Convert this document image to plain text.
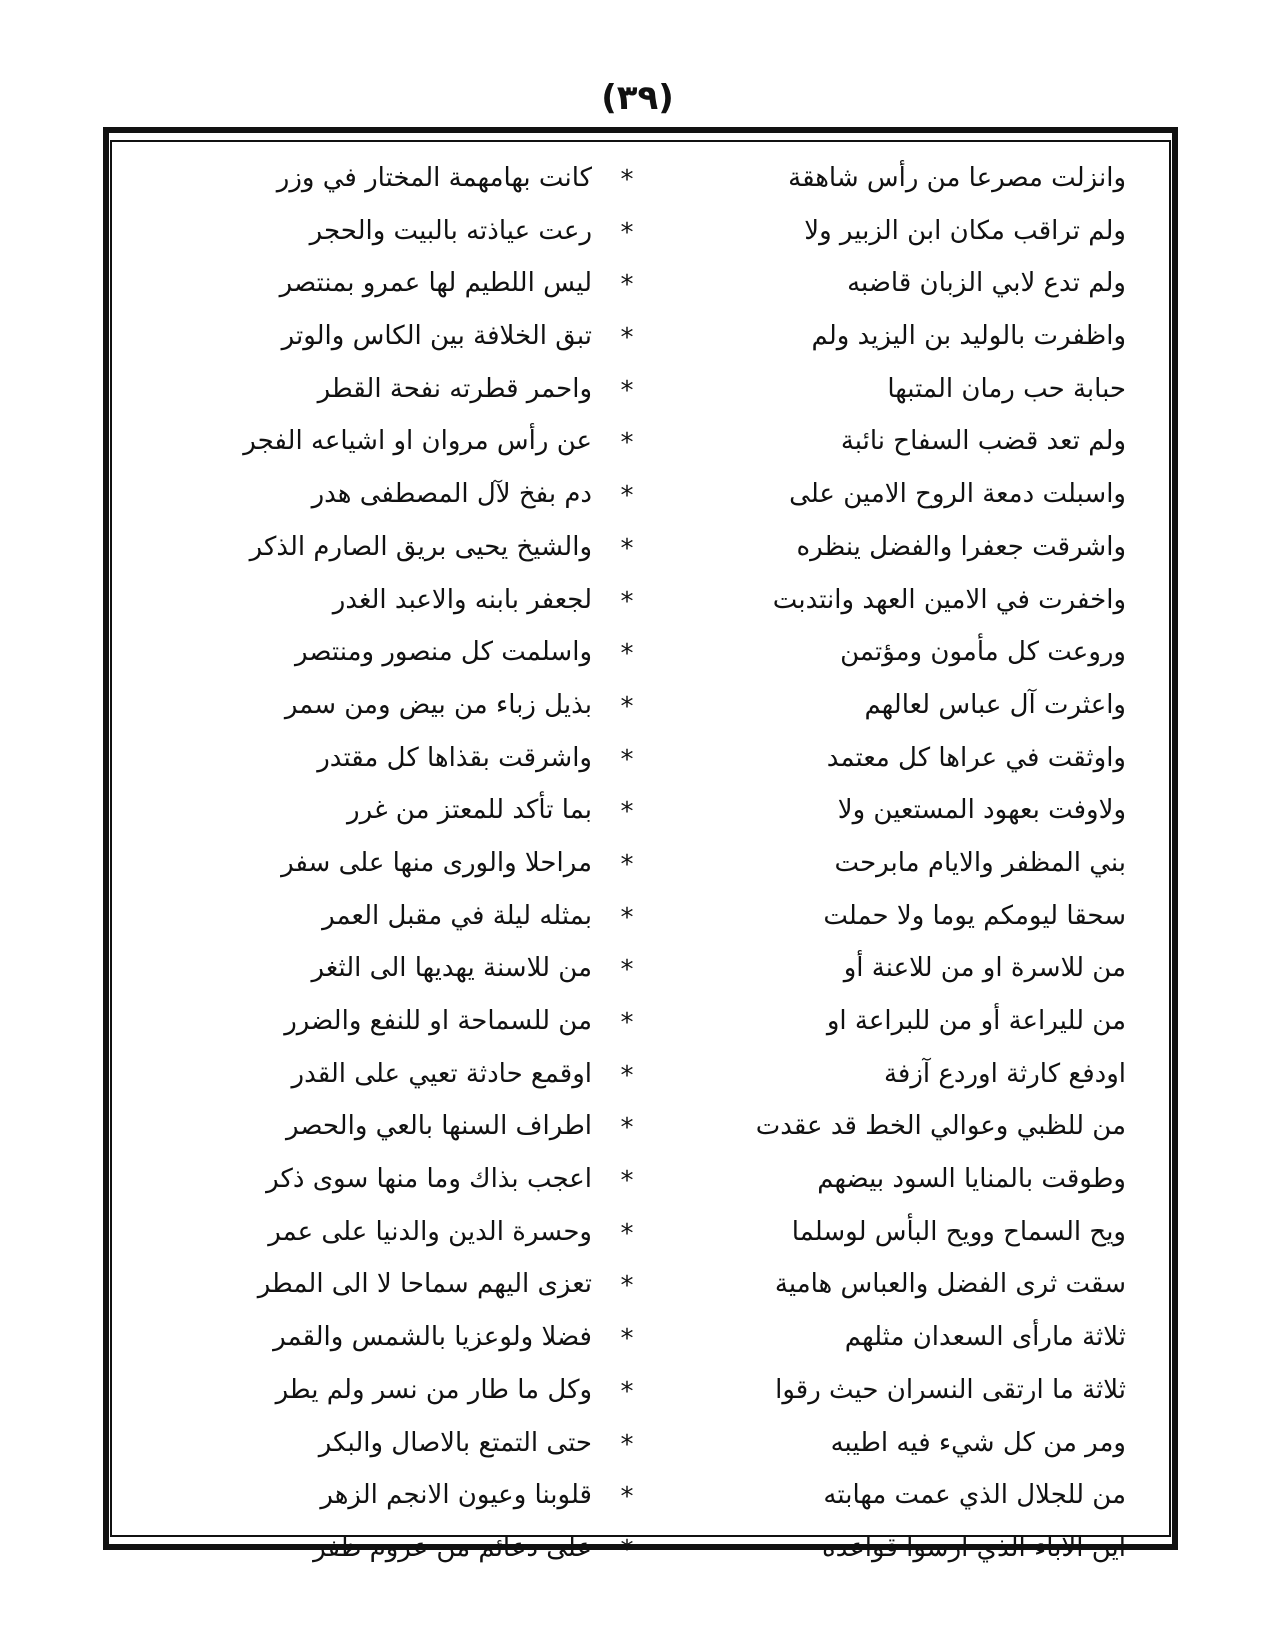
(٣٩)
وانزلت مصرعا من رأس شاهقة
*
كانت بهامهمة المختار في وزر
ولم تراقب مكان ابن الزبير ولا
*
رعت عياذته بالبيت والحجر
ولم تدع لابي الزبان قاضبه
*
ليس اللطيم لها عمرو بمنتصر
واظفرت بالوليد بن اليزيد ولم
*
تبق الخلافة بين الكاس والوتر
حبابة حب رمان المتبها
*
واحمر قطرته نفحة القطر
ولم تعد قضب السفاح نائبة
*
عن رأس مروان او اشياعه الفجر
واسبلت دمعة الروح الامين على
*
دم بفخ لآل المصطفى هدر
واشرقت جعفرا والفضل ينظره
*
والشيخ يحيى بريق الصارم الذكر
واخفرت في الامين العهد وانتدبت
*
لجعفر بابنه والاعبد الغدر
وروعت كل مأمون ومؤتمن
*
واسلمت كل منصور ومنتصر
واعثرت آل عباس لعالهم
*
بذيل زباء من بيض ومن سمر
واوثقت في عراها كل معتمد
*
واشرقت بقذاها كل مقتدر
ولاوفت بعهود المستعين ولا
*
بما تأكد للمعتز من غرر
بني المظفر والايام مابرحت
*
مراحلا والورى منها على سفر
سحقا ليومكم يوما ولا حملت
*
بمثله ليلة في مقبل العمر
من للاسرة او من للاعنة أو
*
من للاسنة يهديها الى الثغر
من لليراعة أو من للبراعة او
*
من للسماحة او للنفع والضرر
اودفع كارثة اوردع آزفة
*
اوقمع حادثة تعيي على القدر
من للظبي وعوالي الخط قد عقدت
*
اطراف السنها بالعي والحصر
وطوقت بالمنايا السود بيضهم
*
اعجب بذاك وما منها سوى ذكر
ويح السماح وويح البأس لوسلما
*
وحسرة الدين والدنيا على عمر
سقت ثرى الفضل والعباس هامية
*
تعزى اليهم سماحا لا الى المطر
ثلاثة مارأى السعدان مثلهم
*
فضلا ولوعزيا بالشمس والقمر
ثلاثة ما ارتقى النسران حيث رقوا
*
وكل ما طار من نسر ولم يطر
ومر من كل شيء فيه اطيبه
*
حتى التمتع بالاصال والبكر
من للجلال الذي عمت مهابته
*
قلوبنا وعيون الانجم الزهر
اين الاباء الذي ارسوا قواعده
*
على دعائم من عزوم ظفر
